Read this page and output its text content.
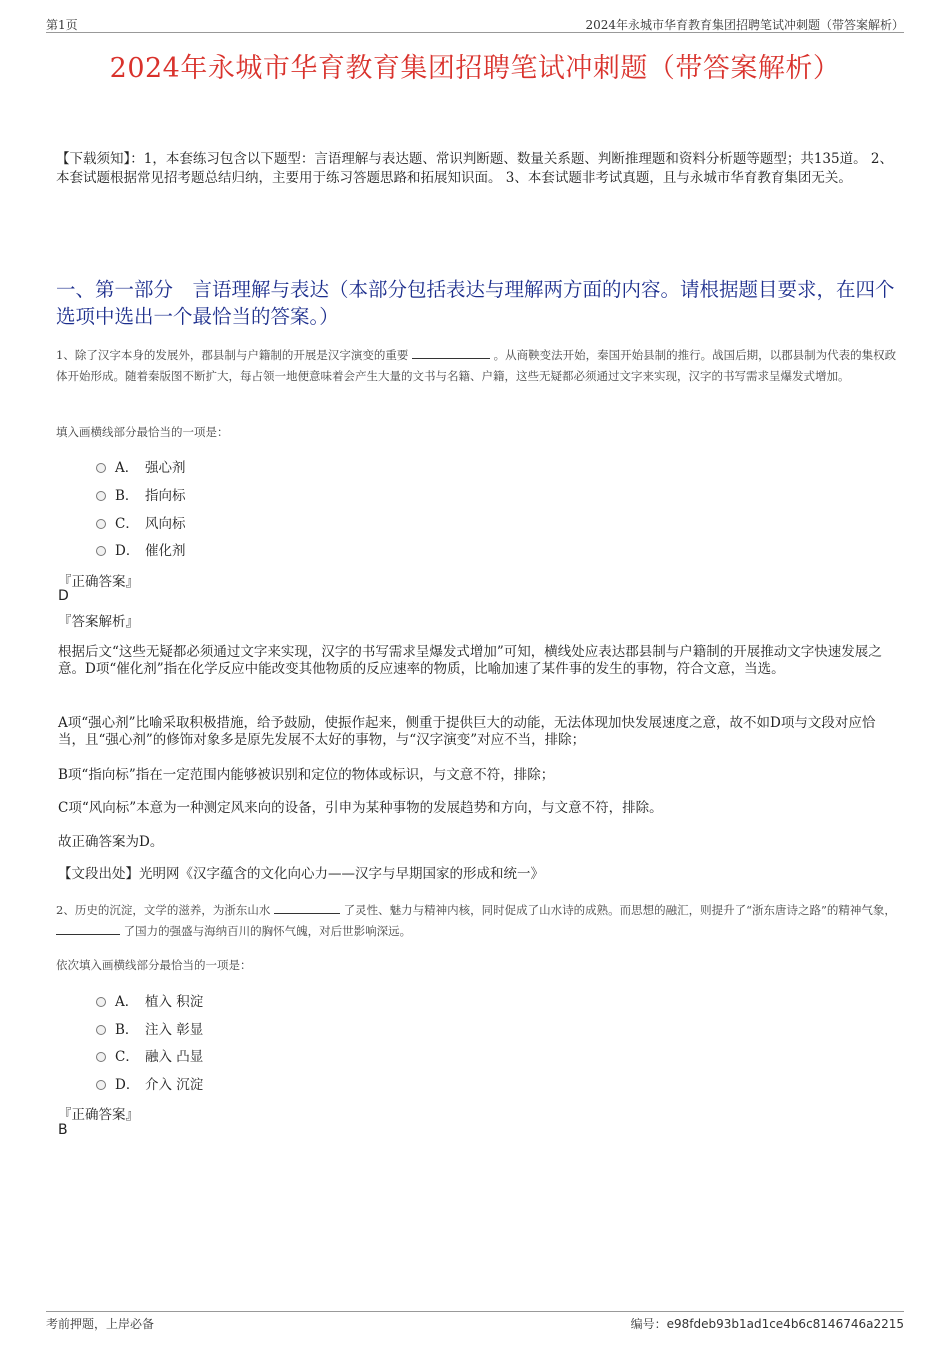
第1页	2024年永城市华育教育集团招聘笔试冲刺题（带答案解析）
2024年永城市华育教育集团招聘笔试冲刺题（带答案解析）
【下载须知】：1，本套练习包含以下题型：言语理解与表达题、常识判断题、数量关系题、判断推理题和资料分析题等题型；共135道。 2、本套试题根据常见招考题总结归纳，主要用于练习答题思路和拓展知识面。 3、本套试题非考试真题，且与永城市华育教育集团无关。
一、第一部分　言语理解与表达（本部分包括表达与理解两方面的内容。请根据题目要求，在四个选项中选出一个最恰当的答案。）
1、除了汉字本身的发展外，郡县制与户籍制的开展是汉字演变的重要	。从商鞅变法开始，秦国开始县制的推行。战国后期，以郡县制为代表的集权政体开始形成。随着秦版图不断扩大，每占领一地便意味着会产生大量的文书与名籍、户籍，这些无疑都必须通过文字来实现，汉字的书写需求呈爆发式增加。
填入画横线部分最恰当的一项是：
A． 强心剂
B． 指向标
C． 风向标
D． 催化剂
『正确答案』
D
『答案解析』
根据后文“这些无疑都必须通过文字来实现，汉字的书写需求呈爆发式增加”可知，横线处应表达郡县制与户籍制的开展推动文字快速发展之意。D项“催化剂”指在化学反应中能改变其他物质的反应速率的物质，比喻加速了某件事的发生的事物，符合文意，当选。
A项“强心剂”比喻采取积极措施，给予鼓励，使振作起来，侧重于提供巨大的动能，无法体现加快发展速度之意，故不如D项与文段对应恰当，且“强心剂”的修饰对象多是原先发展不太好的事物，与“汉字演变”对应不当，排除；
B项“指向标”指在一定范围内能够被识别和定位的物体或标识，与文意不符，排除；
C项“风向标”本意为一种测定风来向的设备，引申为某种事物的发展趋势和方向，与文意不符，排除。
故正确答案为D。
【文段出处】光明网《汉字蕴含的文化向心力——汉字与早期国家的形成和统一》
2、历史的沉淀，文学的滋养，为浙东山水	了灵性、魅力与精神内核，同时促成了山水诗的成熟。而思想的融汇，则提升了“浙东唐诗之路”的精神气象，  了国力的强盛与海纳百川的胸怀气魄，对后世影响深远。
依次填入画横线部分最恰当的一项是：
A． 植入 积淀
B． 注入 彰显
C． 融入 凸显
D． 介入 沉淀
『正确答案』
B
考前押题，上岸必备	编号：e98fdeb93b1ad1ce4b6c8146746a2215
